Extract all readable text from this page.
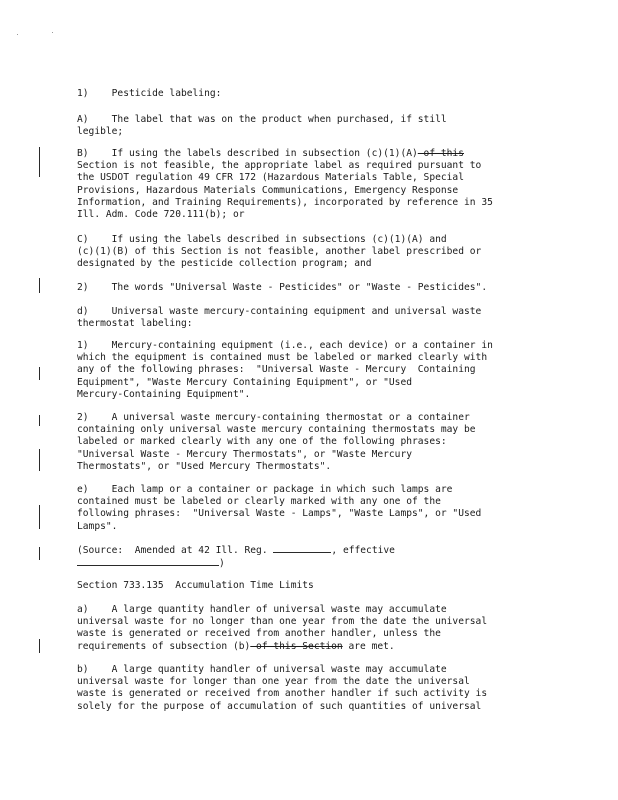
1)    Pesticide labeling:
A)    The label that was on the product when purchased, if still
legible;
B)    If using the labels described in subsection (c)(1)(A) of this
Section is not feasible, the appropriate label as required pursuant to
the USDOT regulation 49 CFR 172 (Hazardous Materials Table, Special
Provisions, Hazardous Materials Communications, Emergency Response
Information, and Training Requirements), incorporated by reference in 35
Ill. Adm. Code 720.111(b); or
C)    If using the labels described in subsections (c)(1)(A) and
(c)(1)(B) of this Section is not feasible, another label prescribed or
designated by the pesticide collection program; and
2)    The words "Universal Waste - Pesticides" or "Waste - Pesticides".
d)    Universal waste mercury-containing equipment and universal waste
thermostat labeling:
1)    Mercury-containing equipment (i.e., each device) or a container in
which the equipment is contained must be labeled or marked clearly with
any of the following phrases:  "Universal Waste - Mercury  Containing
Equipment", "Waste Mercury Containing Equipment", or "Used
Mercury-Containing Equipment".
2)    A universal waste mercury-containing thermostat or a container
containing only universal waste mercury containing thermostats may be
labeled or marked clearly with any one of the following phrases:
"Universal Waste - Mercury Thermostats", or "Waste Mercury
Thermostats", or "Used Mercury Thermostats".
e)    Each lamp or a container or package in which such lamps are
contained must be labeled or clearly marked with any one of the
following phrases:  "Universal Waste - Lamps", "Waste Lamps", or "Used
Lamps".
(Source:  Amended at 42 Ill. Reg.	, effective
)
Section 733.135  Accumulation Time Limits
a)    A large quantity handler of universal waste may accumulate
universal waste for no longer than one year from the date the universal
waste is generated or received from another handler, unless the
requirements of subsection (b) of this Section are met.
b)    A large quantity handler of universal waste may accumulate
universal waste for longer than one year from the date the universal
waste is generated or received from another handler if such activity is
solely for the purpose of accumulation of such quantities of universal
